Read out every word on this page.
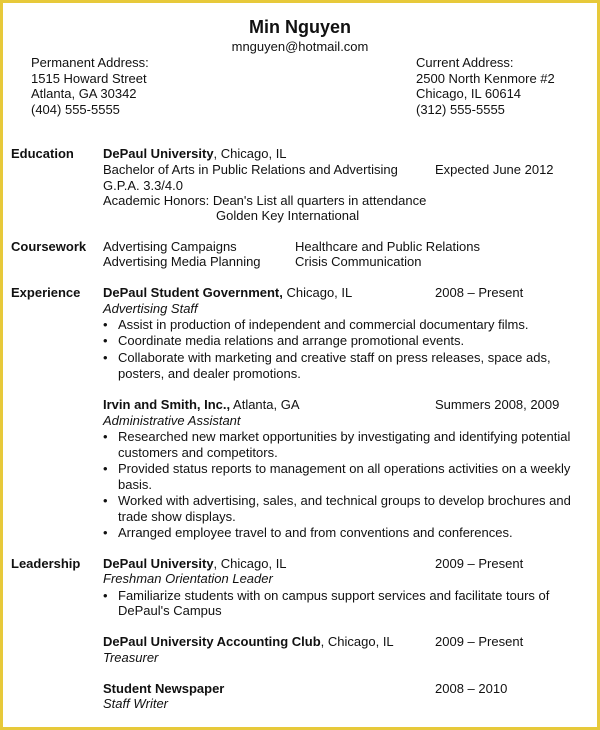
Min Nguyen
mnguyen@hotmail.com
Permanent Address:
1515 Howard Street
Atlanta, GA 30342
(404) 555-5555
Current Address:
2500 North Kenmore #2
Chicago, IL 60614
(312) 555-5555
Education DePaul University, Chicago, IL
Bachelor of Arts in Public Relations and Advertising	Expected June 2012
G.P.A. 3.3/4.0
Academic Honors: Dean's List all quarters in attendance
Golden Key International
Coursework Advertising Campaigns	Healthcare and Public Relations
Advertising Media Planning	Crisis Communication
Experience DePaul Student Government, Chicago, IL	2008 – Present
Advertising Staff
• Assist in production of independent and commercial documentary films.
• Coordinate media relations and arrange promotional events.
• Collaborate with marketing and creative staff on press releases, space ads,
posters, and dealer promotions.
Irvin and Smith, Inc., Atlanta, GA	Summers 2008, 2009
Administrative Assistant
• Researched new market opportunities by investigating and identifying potential
customers and competitors.
• Provided status reports to management on all operations activities on a weekly
basis.
• Worked with advertising, sales, and technical groups to develop brochures and
trade show displays.
• Arranged employee travel to and from conventions and conferences.
Leadership DePaul University, Chicago, IL	2009 – Present
Freshman Orientation Leader
• Familiarize students with on campus support services and facilitate tours of
DePaul's Campus
DePaul University Accounting Club, Chicago, IL	2009 – Present
Treasurer
Student Newspaper	2008 – 2010
Staff Writer
